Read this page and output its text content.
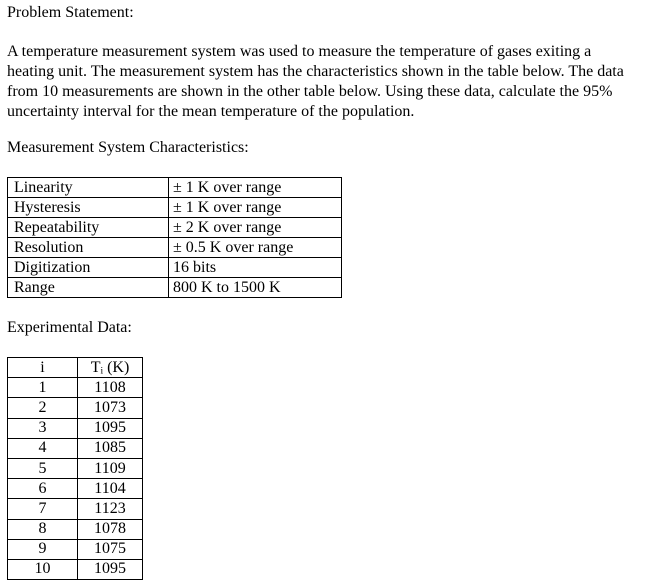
Problem Statement:
A temperature measurement system was used to measure the temperature of gases exiting a
heating unit. The measurement system has the characteristics shown in the table below. The data
from 10 measurements are shown in the other table below. Using these data, calculate the 95%
uncertainty interval for the mean temperature of the population.
Measurement System Characteristics:
Linearity	± 1 K over range
Hysteresis	± 1 K over range
Repeatability	± 2 K over range
Resolution	± 0.5 K over range
Digitization	16 bits
Range	800 K to 1500 K
Experimental Data:
i	Tᵢ (K)
1	1108
2	1073
3	1095
4	1085
5	1109
6	1104
7	1123
8	1078
9	1075
10	1095
